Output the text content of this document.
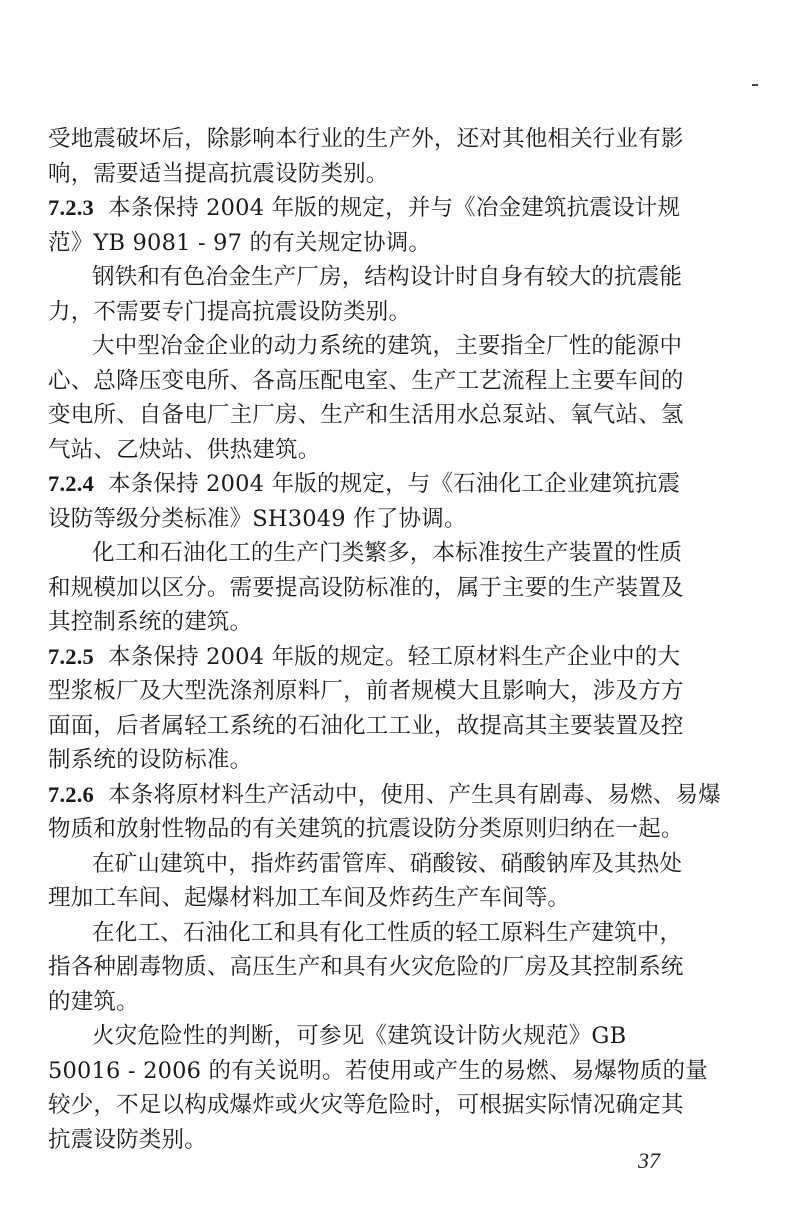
受地震破坏后，除影响本行业的生产外，还对其他相关行业有影
响，需要适当提高抗震设防类别。
7.2.3 本条保持 2004 年版的规定，并与《冶金建筑抗震设计规
范》YB 9081 - 97 的有关规定协调。
钢铁和有色冶金生产厂房，结构设计时自身有较大的抗震能
力，不需要专门提高抗震设防类别。
大中型冶金企业的动力系统的建筑，主要指全厂性的能源中
心、总降压变电所、各高压配电室、生产工艺流程上主要车间的
变电所、自备电厂主厂房、生产和生活用水总泵站、氧气站、氢
气站、乙炔站、供热建筑。
7.2.4 本条保持 2004 年版的规定，与《石油化工企业建筑抗震
设防等级分类标准》SH3049 作了协调。
化工和石油化工的生产门类繁多，本标准按生产装置的性质
和规模加以区分。需要提高设防标准的，属于主要的生产装置及
其控制系统的建筑。
7.2.5 本条保持 2004 年版的规定。轻工原材料生产企业中的大
型浆板厂及大型洗涤剂原料厂，前者规模大且影响大，涉及方方
面面，后者属轻工系统的石油化工工业，故提高其主要装置及控
制系统的设防标准。
7.2.6 本条将原材料生产活动中，使用、产生具有剧毒、易燃、易爆
物质和放射性物品的有关建筑的抗震设防分类原则归纳在一起。
在矿山建筑中，指炸药雷管库、硝酸铵、硝酸钠库及其热处
理加工车间、起爆材料加工车间及炸药生产车间等。
在化工、石油化工和具有化工性质的轻工原料生产建筑中，
指各种剧毒物质、高压生产和具有火灾危险的厂房及其控制系统
的建筑。
火灾危险性的判断，可参见《建筑设计防火规范》GB
50016 - 2006 的有关说明。若使用或产生的易燃、易爆物质的量
较少，不足以构成爆炸或火灾等危险时，可根据实际情况确定其
抗震设防类别。
37
